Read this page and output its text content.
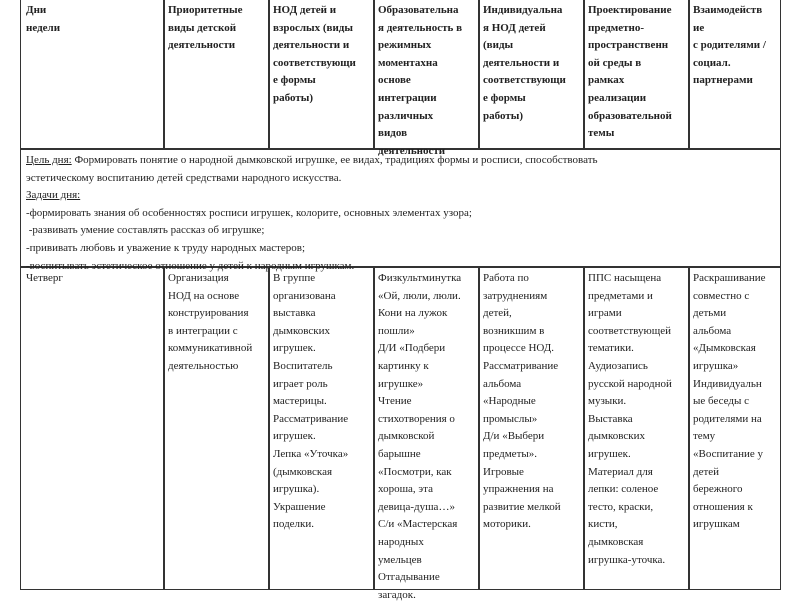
Дни
недели
Приоритетные
виды детской
деятельности
НОД детей и
взрослых (виды
деятельности и
соответствующи
е формы
работы)
Образовательна
я деятельность в
режимных
моментахна
основе
интеграции
различных
видов
деятельности
Индивидуальна
я НОД детей
(виды
деятельности и
соответствующи
е формы
работы)
Проектирование
предметно-
пространственн
ой среды в
рамках
реализации
образовательной
темы
Взаимодейств
ие
с родителями /
социал.
партнерами
Цель дня: Формировать понятие о народной дымковской игрушке, ее видах, традициях формы и росписи, способствовать
эстетическому воспитанию детей средствами народного искусства.
Задачи дня:
-формировать знания об особенностях росписи игрушек, колорите, основных элементах узора;
-развивать умение составлять рассказ об игрушке;
-прививать любовь и уважение к труду народных мастеров;
-воспитывать эстетическое отношение у детей к народным игрушкам.
Четверг	Организация
НОД на основе
конструирования
в интеграции с
коммуникативной
деятельностью
В группе
организована
выставка
дымковских
игрушек.
Воспитатель
играет роль
мастерицы.
Рассматривание
игрушек.
Лепка «Уточка»
(дымковская
игрушка).
Украшение
поделки.
Физкультминутка
«Ой, люли, люли.
Кони на лужок
пошли»
Д/И «Подбери
картинку к
игрушке»
Чтение
стихотворения о
дымковской
барышне
«Посмотри, как
хороша, эта
девица-душа…»
С/и «Мастерская
народных
умельцев
Отгадывание
загадок.
Работа по
затруднениям
детей,
возникшим в
процессе НОД.
Рассматривание
альбома
«Народные
промыслы»
Д/и «Выбери
предметы».
Игровые
упражнения на
развитие мелкой
моторики.
ППС насыщена
предметами и
играми
соответствующей
тематики.
Аудиозапись
русской народной
музыки.
Выставка
дымковских
игрушек.
Материал для
лепки: соленое
тесто, краски,
кисти,
дымковская
игрушка-уточка.
Раскрашивание
совместно с
детьми
альбома
«Дымковская
игрушка»
Индивидуальн
ые беседы с
родителями на
тему
«Воспитание у
детей
бережного
отношения к
игрушкам
